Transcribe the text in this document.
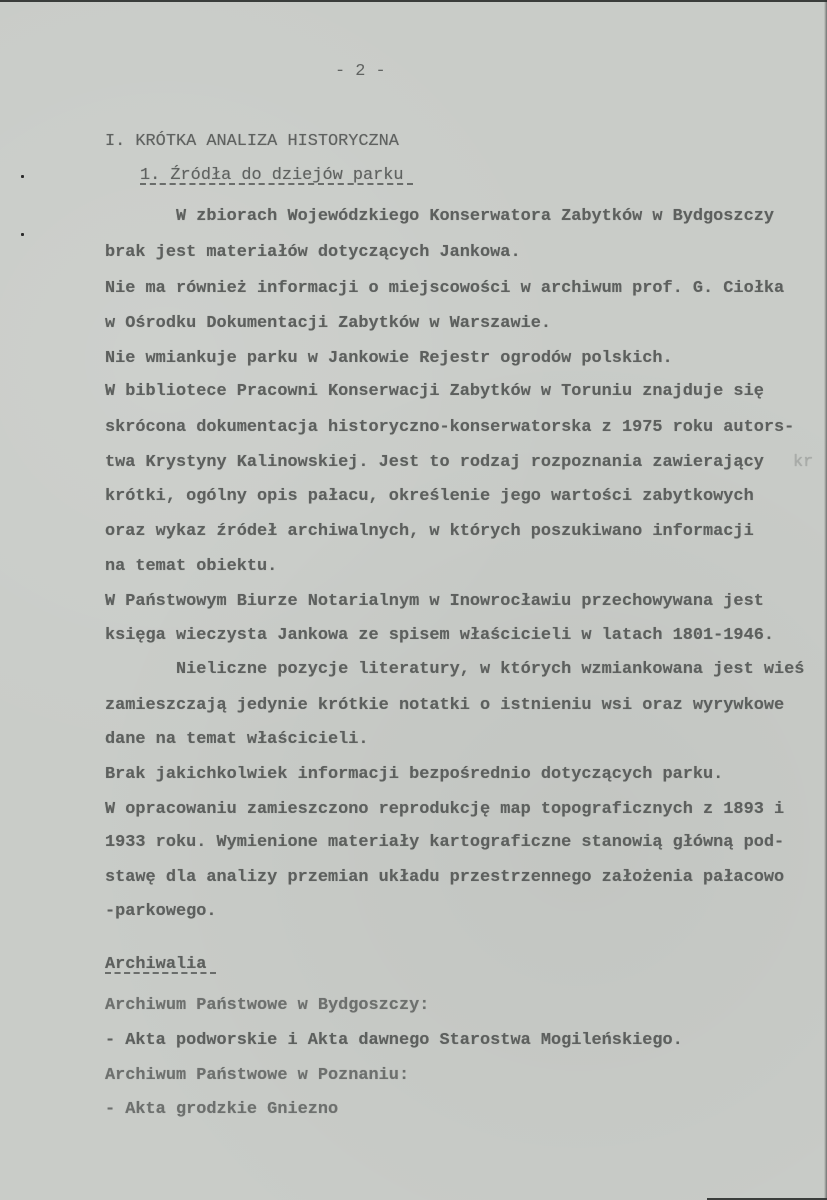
- 2 -
I. KRÓTKA ANALIZA HISTORYCZNA
1. Źródła do dziejów parku
W zbiorach Wojewódzkiego Konserwatora Zabytków w Bydgoszczy
brak jest materiałów dotyczących Jankowa.
Nie ma również informacji o miejscowości w archiwum prof. G. Ciołka
w Ośrodku Dokumentacji Zabytków w Warszawie.
Nie wmiankuje parku w Jankowie Rejestr ogrodów polskich.
W bibliotece Pracowni Konserwacji Zabytków w Toruniu znajduje się
skrócona dokumentacja historyczno-konserwatorska z 1975 roku autors-
twa Krystyny Kalinowskiej. Jest to rodzaj rozpoznania zawierający kr
krótki, ogólny opis pałacu, określenie jego wartości zabytkowych
oraz wykaz źródeł archiwalnych, w których poszukiwano informacji
na temat obiektu.
W Państwowym Biurze Notarialnym w Inowrocławiu przechowywana jest
księga wieczysta Jankowa ze spisem właścicieli w latach 1801-1946.
Nieliczne pozycje literatury, w których wzmiankowana jest wieś
zamieszczają jedynie krótkie notatki o istnieniu wsi oraz wyrywkowe
dane na temat właścicieli.
Brak jakichkolwiek informacji bezpośrednio dotyczących parku.
W opracowaniu zamieszczono reprodukcję map topograficznych z 1893 i
1933 roku. Wymienione materiały kartograficzne stanowią główną pod-
stawę dla analizy przemian układu przestrzennego założenia pałacowo
-parkowego.
Archiwalia
Archiwum Państwowe w Bydgoszczy:
- Akta podworskie i Akta dawnego Starostwa Mogileńskiego.
Archiwum Państwowe w Poznaniu:
- Akta grodzkie Gniezno
